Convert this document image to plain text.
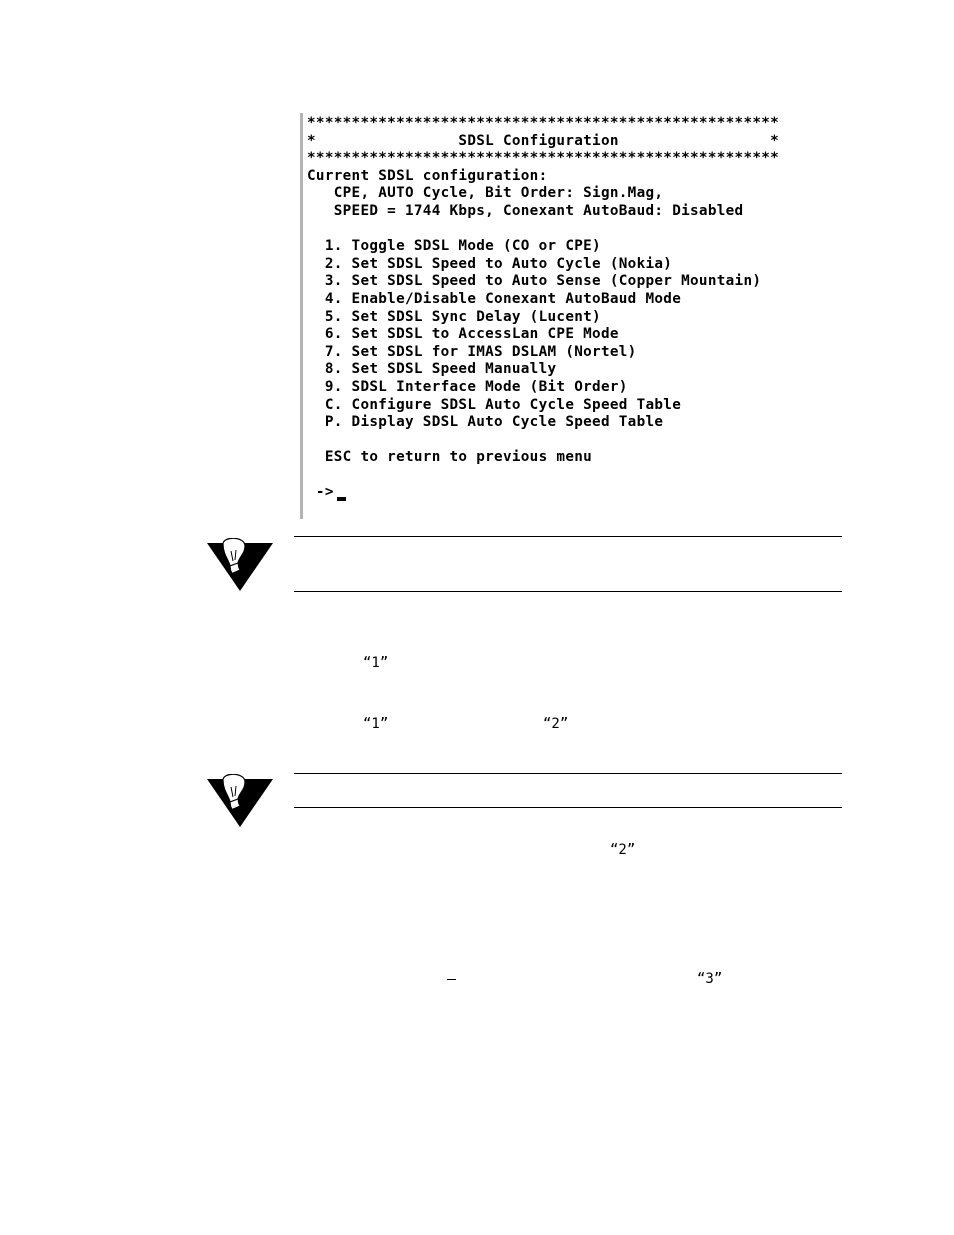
*****************************************************
*                SDSL Configuration                 *
*****************************************************
Current SDSL configuration:
CPE, AUTO Cycle, Bit Order: Sign.Mag,
SPEED = 1744 Kbps, Conexant AutoBaud: Disabled

1. Toggle SDSL Mode (CO or CPE)
2. Set SDSL Speed to Auto Cycle (Nokia)
3. Set SDSL Speed to Auto Sense (Copper Mountain)
4. Enable/Disable Conexant AutoBaud Mode
5. Set SDSL Sync Delay (Lucent)
6. Set SDSL to AccessLan CPE Mode
7. Set SDSL for IMAS DSLAM (Nortel)
8. Set SDSL Speed Manually
9. SDSL Interface Mode (Bit Order)
C. Configure SDSL Auto Cycle Speed Table
P. Display SDSL Auto Cycle Speed Table

ESC to return to previous menu

->
“1”
“1”	“2”
“2”
“3”
